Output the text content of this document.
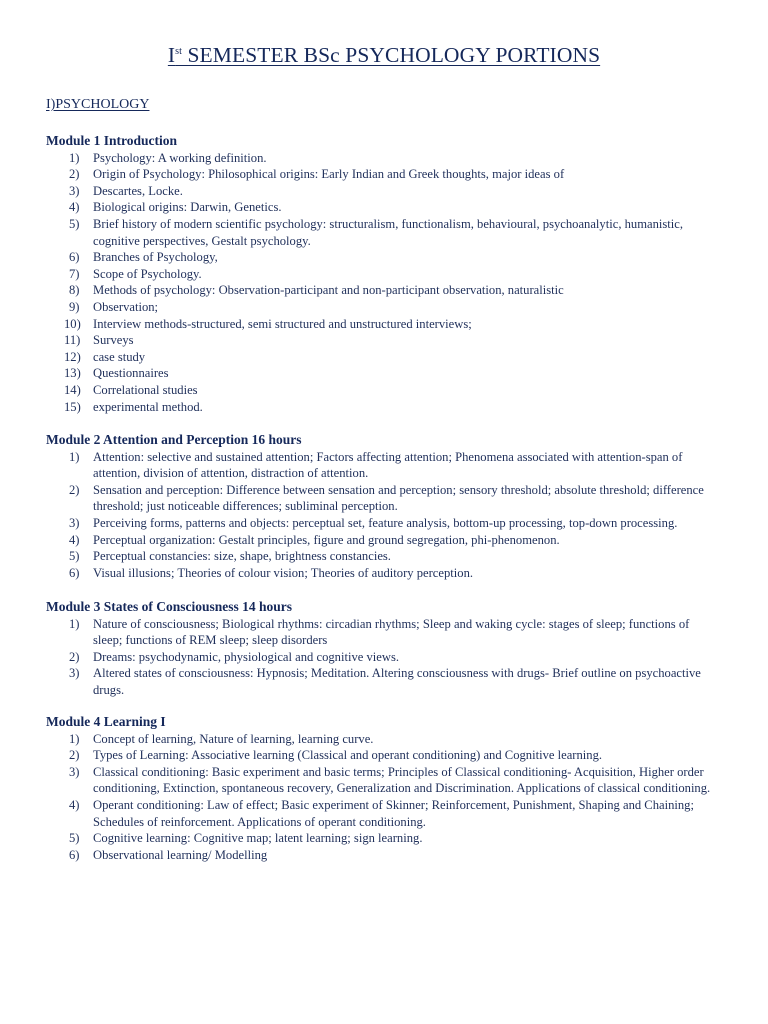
Ist SEMESTER BSc PSYCHOLOGY PORTIONS
I)PSYCHOLOGY
Module 1 Introduction
1)	Psychology: A working definition.
2)	Origin of Psychology: Philosophical origins: Early Indian and Greek thoughts, major ideas of
3)	Descartes, Locke.
4)	Biological origins: Darwin, Genetics.
5)	Brief history of modern scientific psychology: structuralism, functionalism, behavioural, psychoanalytic, humanistic, cognitive perspectives, Gestalt psychology.
6)	Branches of Psychology,
7)	Scope of Psychology.
8)	Methods of psychology: Observation-participant and non-participant observation, naturalistic
9)	Observation;
10) Interview methods-structured, semi structured and unstructured interviews;
11)	Surveys
12) case study
13) Questionnaires
14) Correlational studies
15) experimental method.
Module 2 Attention and Perception 16 hours
1)	Attention: selective and sustained attention; Factors affecting attention; Phenomena associated with attention-span of attention, division of attention, distraction of attention.
2)	Sensation and perception: Difference between sensation and perception; sensory threshold; absolute threshold; difference threshold; just noticeable differences; subliminal perception.
3)	Perceiving forms, patterns and objects: perceptual set, feature analysis, bottom-up processing, top-down processing.
4)	Perceptual organization: Gestalt principles, figure and ground segregation, phi-phenomenon.
5)	Perceptual constancies: size, shape, brightness constancies.
6)	Visual illusions; Theories of colour vision; Theories of auditory perception.
Module 3 States of Consciousness 14 hours
1)	Nature of consciousness; Biological rhythms: circadian rhythms; Sleep and waking cycle: stages of sleep; functions of sleep; functions of REM sleep; sleep disorders
2)	Dreams: psychodynamic, physiological and cognitive views.
3)	Altered states of consciousness: Hypnosis; Meditation. Altering consciousness with drugs- Brief outline on psychoactive drugs.
Module 4 Learning I
1)	Concept of learning, Nature of learning, learning curve.
2)	Types of Learning: Associative learning (Classical and operant conditioning) and Cognitive learning.
3)	Classical conditioning: Basic experiment and basic terms; Principles of Classical conditioning- Acquisition, Higher order conditioning, Extinction, spontaneous recovery, Generalization and Discrimination. Applications of classical conditioning.
4)	Operant conditioning: Law of effect; Basic experiment of Skinner; Reinforcement, Punishment, Shaping and Chaining; Schedules of reinforcement. Applications of operant conditioning.
5)	Cognitive learning: Cognitive map; latent learning; sign learning.
6)	Observational learning/ Modelling
